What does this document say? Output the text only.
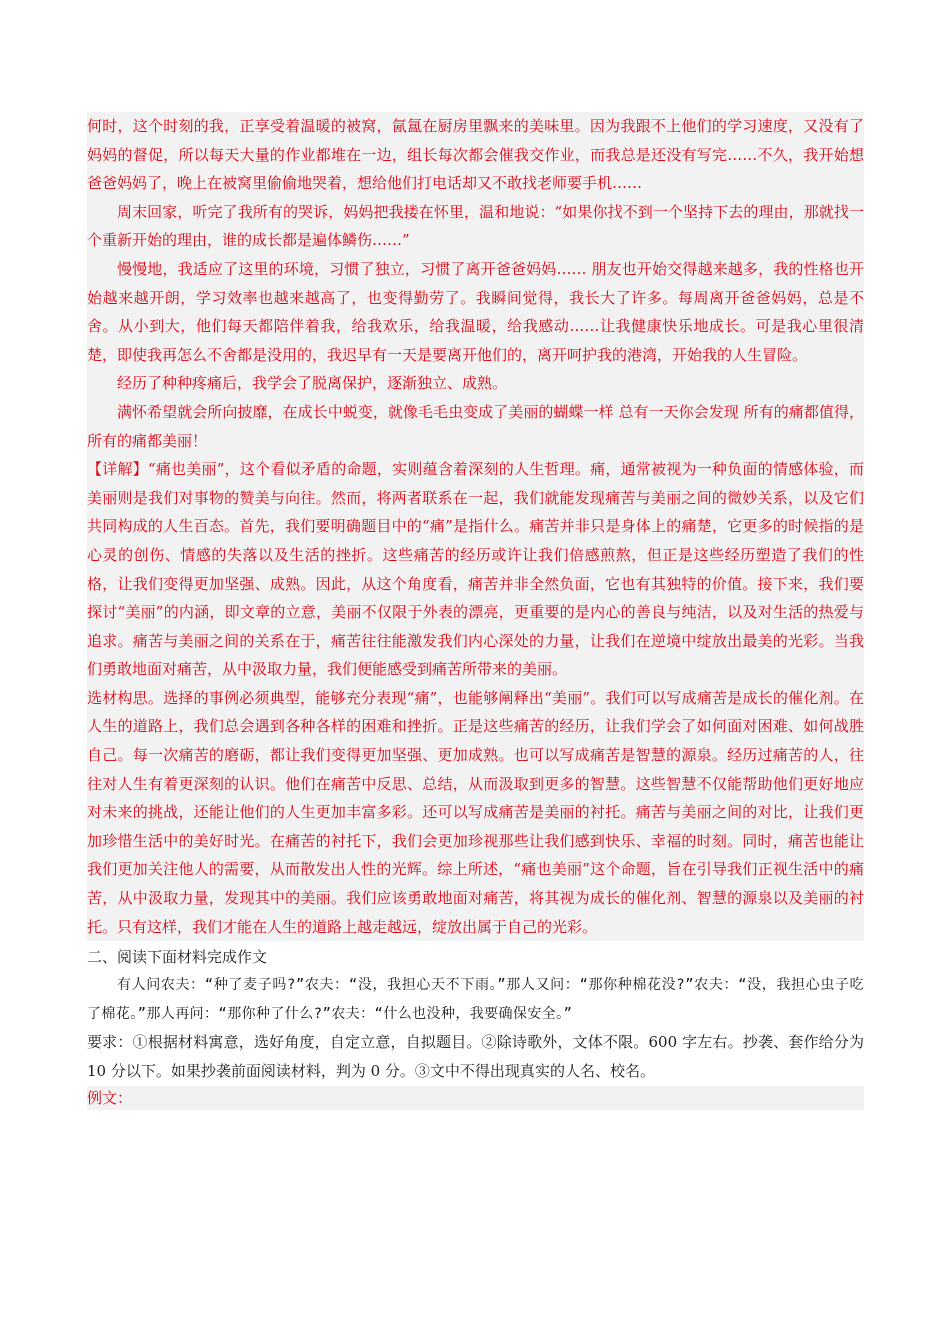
何时，这个时刻的我，正享受着温暖的被窝，氤氲在厨房里飘来的美味里。因为我跟不上他们的学习速度，又没有了妈妈的督促，所以每天大量的作业都堆在一边，组长每次都会催我交作业，而我总是还没有写完……不久，我开始想爸爸妈妈了，晚上在被窝里偷偷地哭着，想给他们打电话却又不敢找老师要手机……

周末回家，听完了我所有的哭诉，妈妈把我搂在怀里，温和地说：“如果你找不到一个坚持下去的理由，那就找一个重新开始的理由，谁的成长都是遍体鳞伤……”

慢慢地，我适应了这里的环境，习惯了独立，习惯了离开爸爸妈妈…… 朋友也开始交得越来越多，我的性格也开始越来越开朗，学习效率也越来越高了，也变得勤劳了。我瞬间觉得，我长大了许多。每周离开爸爸妈妈，总是不舍。从小到大，他们每天都陪伴着我，给我欢乐，给我温暖，给我感动……让我健康快乐地成长。可是我心里很清楚，即使我再怎么不舍都是没用的，我迟早有一天是要离开他们的，离开呵护我的港湾，开始我的人生冒险。

经历了种种疼痛后，我学会了脱离保护，逐渐独立、成熟。

满怀希望就会所向披靡，在成长中蜕变，就像毛毛虫变成了美丽的蝴蝶一样 总有一天你会发现 所有的痛都值得，所有的痛都美丽！

【详解】“痛也美丽”，这个看似矛盾的命题，实则蕴含着深刻的人生哲理。痛，通常被视为一种负面的情感体验，而美丽则是我们对事物的赞美与向往。然而，将两者联系在一起，我们就能发现痛苦与美丽之间的微妙关系，以及它们共同构成的人生百态。首先，我们要明确题目中的“痛”是指什么。痛苦并非只是身体上的痛楚，它更多的时候指的是心灵的创伤、情感的失落以及生活的挫折。这些痛苦的经历或许让我们倍感煎熬，但正是这些经历塑造了我们的性格，让我们变得更加坚强、成熟。因此，从这个角度看，痛苦并非全然负面，它也有其独特的价值。接下来，我们要探讨“美丽”的内涵，即文章的立意，美丽不仅限于外表的漂亮，更重要的是内心的善良与纯洁，以及对生活的热爱与追求。痛苦与美丽之间的关系在于，痛苦往往能激发我们内心深处的力量，让我们在逆境中绽放出最美的光彩。当我们勇敢地面对痛苦，从中汲取力量，我们便能感受到痛苦所带来的美丽。

选材构思。选择的事例必须典型，能够充分表现“痛”，也能够阐释出“美丽”。我们可以写成痛苦是成长的催化剂。在人生的道路上，我们总会遇到各种各样的困难和挫折。正是这些痛苦的经历，让我们学会了如何面对困难、如何战胜自己。每一次痛苦的磨砺，都让我们变得更加坚强、更加成熟。也可以写成痛苦是智慧的源泉。经历过痛苦的人，往往对人生有着更深刻的认识。他们在痛苦中反思、总结，从而汲取到更多的智慧。这些智慧不仅能帮助他们更好地应对未来的挑战，还能让他们的人生更加丰富多彩。还可以写成痛苦是美丽的衬托。痛苦与美丽之间的对比，让我们更加珍惜生活中的美好时光。在痛苦的衬托下，我们会更加珍视那些让我们感到快乐、幸福的时刻。同时，痛苦也能让我们更加关注他人的需要，从而散发出人性的光辉。综上所述，“痛也美丽”这个命题，旨在引导我们正视生活中的痛苦，从中汲取力量，发现其中的美丽。我们应该勇敢地面对痛苦，将其视为成长的催化剂、智慧的源泉以及美丽的衬托。只有这样，我们才能在人生的道路上越走越远，绽放出属于自己的光彩。

二、阅读下面材料完成作文

有人问农夫：“种了麦子吗?”农夫：“没，我担心天不下雨。”那人又问：“那你种棉花没?”农夫：“没，我担心虫子吃了棉花。”那人再问：“那你种了什么?”农夫：“什么也没种，我要确保安全。”

要求：①根据材料寓意，选好角度，自定立意，自拟题目。②除诗歌外，文体不限。600 字左右。抄袭、套作给分为 10 分以下。如果抄袭前面阅读材料，判为 0 分。③文中不得出现真实的人名、校名。

例文：
